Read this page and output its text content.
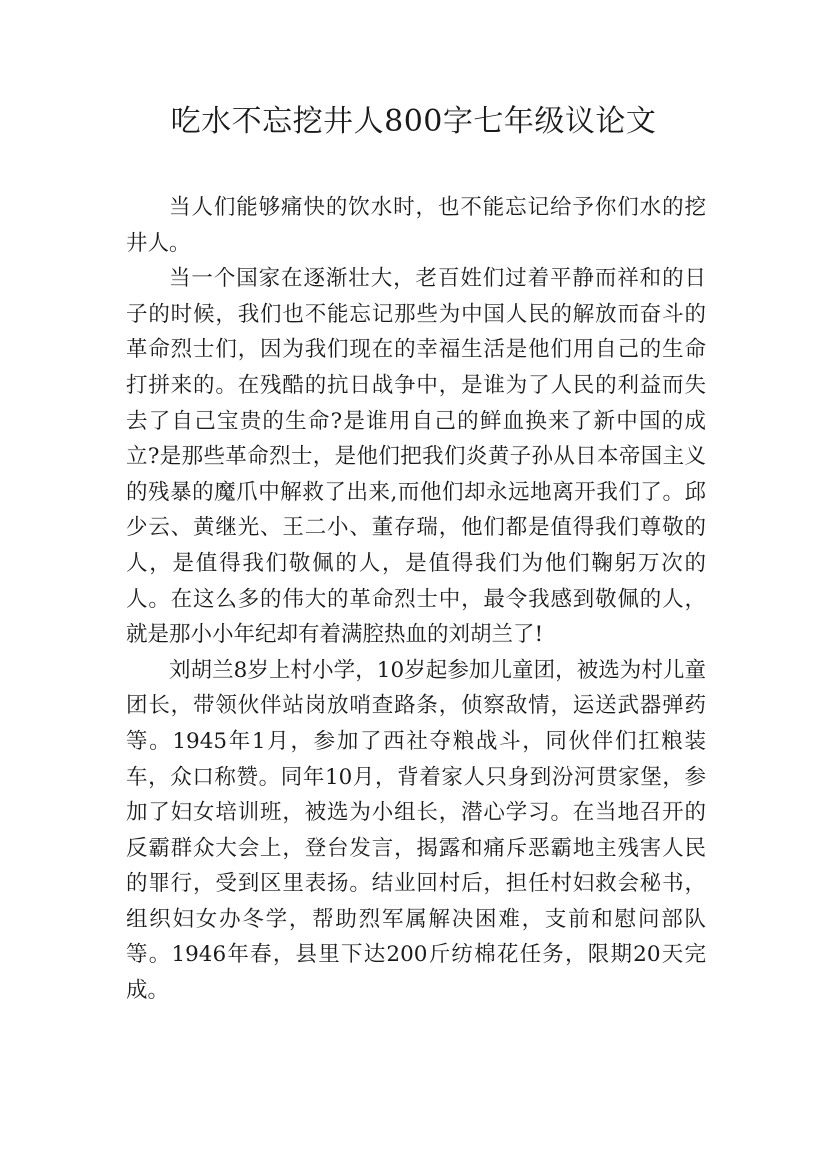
吃水不忘挖井人800字七年级议论文

当人们能够痛快的饮水时，也不能忘记给予你们水的挖井人。

当一个国家在逐渐壮大，老百姓们过着平静而祥和的日子的时候，我们也不能忘记那些为中国人民的解放而奋斗的革命烈士们，因为我们现在的幸福生活是他们用自己的生命打拼来的。在残酷的抗日战争中，是谁为了人民的利益而失去了自己宝贵的生命?是谁用自己的鲜血换来了新中国的成立?是那些革命烈士，是他们把我们炎黄子孙从日本帝国主义的残暴的魔爪中解救了出来,而他们却永远地离开我们了。邱少云、黄继光、王二小、董存瑞，他们都是值得我们尊敬的人，是值得我们敬佩的人，是值得我们为他们鞠躬万次的人。在这么多的伟大的革命烈士中，最令我感到敬佩的人，就是那小小年纪却有着满腔热血的刘胡兰了!

刘胡兰8岁上村小学，10岁起参加儿童团，被选为村儿童团长，带领伙伴站岗放哨查路条，侦察敌情，运送武器弹药等。1945年1月，参加了西社夺粮战斗，同伙伴们扛粮装车，众口称赞。同年10月，背着家人只身到汾河贯家堡，参加了妇女培训班，被选为小组长，潜心学习。在当地召开的反霸群众大会上，登台发言，揭露和痛斥恶霸地主残害人民的罪行，受到区里表扬。结业回村后，担任村妇救会秘书，组织妇女办冬学，帮助烈军属解决困难，支前和慰问部队等。1946年春，县里下达200斤纺棉花任务，限期20天完成。
